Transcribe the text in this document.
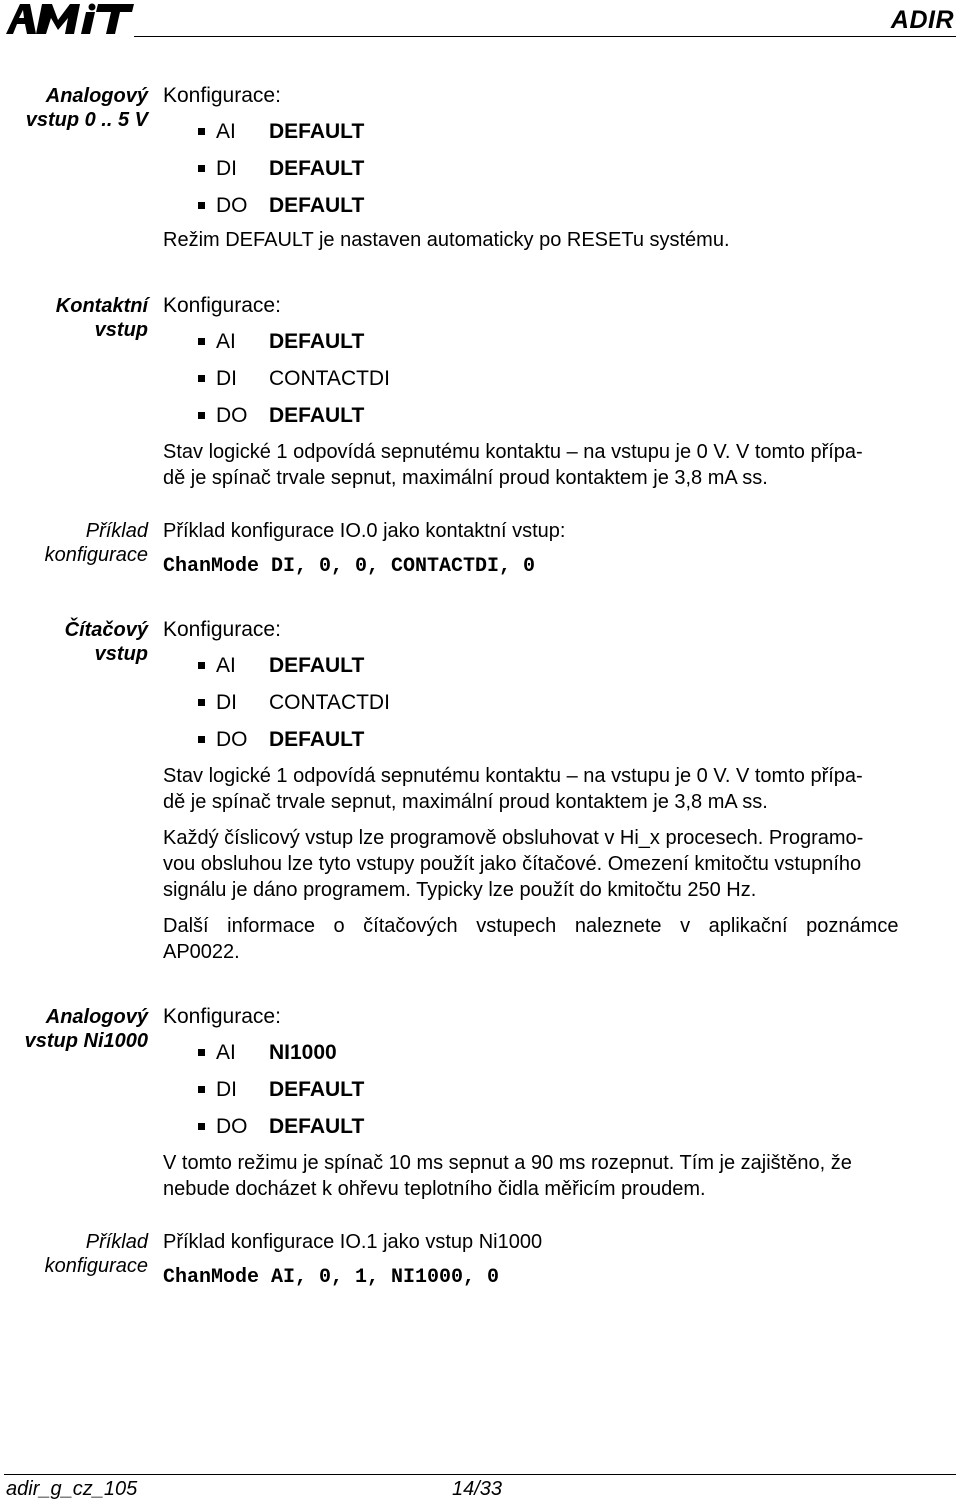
ADIR
Analogový
vstup 0 .. 5 V

Konfigurace:

AI DEFAULT
DI DEFAULT
DO DEFAULT

Režim DEFAULT je nastaven automaticky po RESETu systému.

Kontaktní
vstup

Konfigurace:

AI DEFAULT
DI CONTACTDI
DO DEFAULT

Stav logické 1 odpovídá sepnutému kontaktu – na vstupu je 0 V. V tomto přípa-

dě je spínač trvale sepnut, maximální proud kontaktem je 3,8 mA ss.

Příklad
konfigurace

Příklad konfigurace IO.0 jako kontaktní vstup:

ChanMode DI, 0, 0, CONTACTDI, 0

Čítačový
vstup

Konfigurace:

AI DEFAULT
DI CONTACTDI
DO DEFAULT

Stav logické 1 odpovídá sepnutému kontaktu – na vstupu je 0 V. V tomto přípa-

dě je spínač trvale sepnut, maximální proud kontaktem je 3,8 mA ss.

Každý číslicový vstup lze programově obsluhovat v Hi_x procesech. Programo-

vou obsluhou lze tyto vstupy použít jako čítačové. Omezení kmitočtu vstupního

signálu je dáno programem. Typicky lze použít do kmitočtu 250 Hz.

Další informace o čítačových vstupech naleznete v aplikační poznámce

AP0022.

Analogový
vstup Ni1000

Konfigurace:

AI NI1000
DI DEFAULT
DO DEFAULT

V tomto režimu je spínač 10 ms sepnut a 90 ms rozepnut. Tím je zajištěno, že

nebude docházet k ohřevu teplotního čidla měřicím proudem.

Příklad
konfigurace

Příklad konfigurace IO.1 jako vstup Ni1000

ChanMode AI, 0, 1, NI1000, 0

adir_g_cz_105	14/33
